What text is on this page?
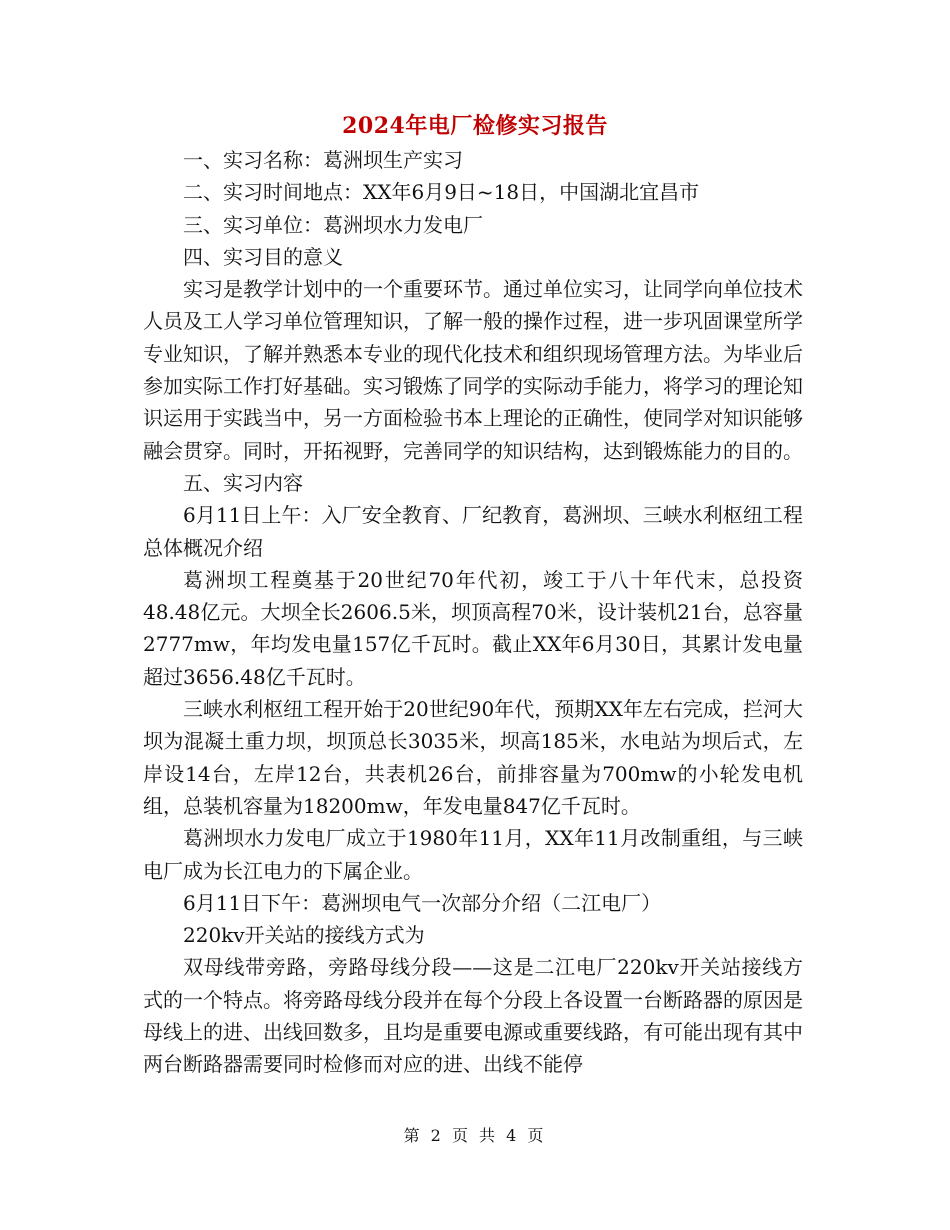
2024年电厂检修实习报告

一、实习名称：葛洲坝生产实习

二、实习时间地点：XX年6月9日~18日，中国湖北宜昌市

三、实习单位：葛洲坝水力发电厂

四、实习目的意义

实习是教学计划中的一个重要环节。通过单位实习，让同学向单位技术人员及工人学习单位管理知识，了解一般的操作过程，进一步巩固课堂所学专业知识，了解并熟悉本专业的现代化技术和组织现场管理方法。为毕业后参加实际工作打好基础。实习锻炼了同学的实际动手能力，将学习的理论知识运用于实践当中，另一方面检验书本上理论的正确性，使同学对知识能够融会贯穿。同时，开拓视野，完善同学的知识结构，达到锻炼能力的目的。

五、实习内容

6月11日上午：入厂安全教育、厂纪教育，葛洲坝、三峡水利枢纽工程总体概况介绍

葛洲坝工程奠基于20世纪70年代初，竣工于八十年代末，总投资48.48亿元。大坝全长2606.5米，坝顶高程70米，设计装机21台，总容量2777mw，年均发电量157亿千瓦时。截止XX年6月30日，其累计发电量超过3656.48亿千瓦时。

三峡水利枢纽工程开始于20世纪90年代，预期XX年左右完成，拦河大坝为混凝土重力坝，坝顶总长3035米，坝高185米，水电站为坝后式，左岸设14台，左岸12台，共表机26台，前排容量为700mw的小轮发电机组，总装机容量为18200mw，年发电量847亿千瓦时。

葛洲坝水力发电厂成立于1980年11月，XX年11月改制重组，与三峡电厂成为长江电力的下属企业。

6月11日下午：葛洲坝电气一次部分介绍（二江电厂）

220kv开关站的接线方式为

双母线带旁路，旁路母线分段——这是二江电厂220kv开关站接线方式的一个特点。将旁路母线分段并在每个分段上各设置一台断路器的原因是母线上的进、出线回数多，且均是重要电源或重要线路，有可能出现有其中两台断路器需要同时检修而对应的进、出线不能停

第 2 页 共 4 页
